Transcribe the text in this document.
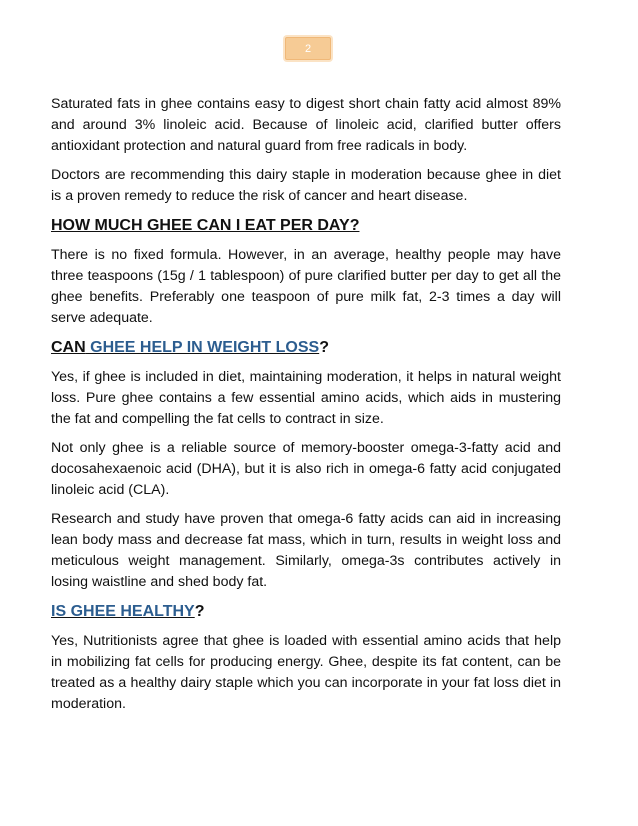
2

Saturated fats in ghee contains easy to digest short chain fatty acid almost 89% and around 3% linoleic acid. Because of linoleic acid, clarified butter offers antioxidant protection and natural guard from free radicals in body.

Doctors are recommending this dairy staple in moderation because ghee in diet is a proven remedy to reduce the risk of cancer and heart disease.

HOW MUCH GHEE CAN I EAT PER DAY?

There is no fixed formula. However, in an average, healthy people may have three teaspoons (15g / 1 tablespoon) of pure clarified butter per day to get all the ghee benefits. Preferably one teaspoon of pure milk fat, 2-3 times a day will serve adequate.

CAN GHEE HELP IN WEIGHT LOSS?

Yes, if ghee is included in diet, maintaining moderation, it helps in natural weight loss. Pure ghee contains a few essential amino acids, which aids in mustering the fat and compelling the fat cells to contract in size.

Not only ghee is a reliable source of memory-booster omega-3-fatty acid and docosahexaenoic acid (DHA), but it is also rich in omega-6 fatty acid conjugated linoleic acid (CLA).

Research and study have proven that omega-6 fatty acids can aid in increasing lean body mass and decrease fat mass, which in turn, results in weight loss and meticulous weight management. Similarly, omega-3s contributes actively in losing waistline and shed body fat.

IS GHEE HEALTHY?

Yes, Nutritionists agree that ghee is loaded with essential amino acids that help in mobilizing fat cells for producing energy. Ghee, despite its fat content, can be treated as a healthy dairy staple which you can incorporate in your fat loss diet in moderation.
